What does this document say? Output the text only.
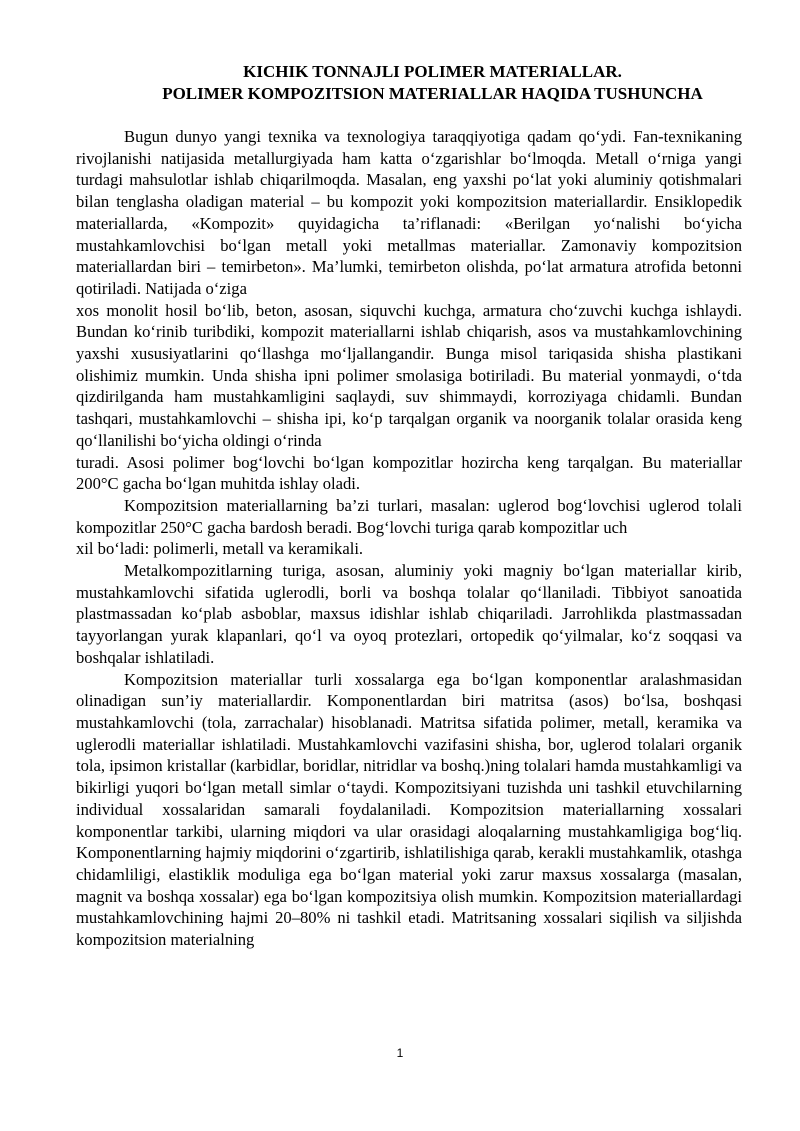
KICHIK TONNAJLI POLIMER MATERIALLAR.
POLIMER KOMPOZITSION MATERIALLAR HAQIDA TUSHUNCHA

Bugun dunyo yangi texnika va texnologiya taraqqiyotiga qadam qo‘ydi. Fan-texnikaning rivojlanishi natijasida metallurgiyada ham katta o‘zgarishlar bo‘lmoqda. Metall o‘rniga yangi turdagi mahsulotlar ishlab chiqarilmoqda. Masalan, eng yaxshi po‘lat yoki aluminiy qotishmalari bilan tenglasha oladigan material – bu kompozit yoki kompozitsion materiallardir. Ensiklopedik materiallarda, «Kompozit» quyidagicha ta’riflanadi: «Berilgan yo‘nalishi bo‘yicha mustahkamlovchisi bo‘lgan metall yoki metallmas materiallar. Zamonaviy kompozitsion materiallardan biri – temirbeton». Ma’lumki, temirbeton olishda, po‘lat armatura atrofida betonni qotiriladi. Natijada o‘ziga

xos monolit hosil bo‘lib, beton, asosan, siquvchi kuchga, armatura cho‘zuvchi kuchga ishlaydi. Bundan ko‘rinib turibdiki, kompozit materiallarni ishlab chiqarish, asos va mustahkamlovchining yaxshi xususiyatlarini qo‘llashga mo‘ljallangandir. Bunga misol tariqasida shisha plastikani olishimiz mumkin. Unda shisha ipni polimer smolasiga botiriladi. Bu material yonmaydi, o‘tda qizdirilganda ham mustahkamligini saqlaydi, suv shimmaydi, korroziyaga chidamli. Bundan tashqari, mustahkamlovchi – shisha ipi, ko‘p tarqalgan organik va noorganik tolalar orasida keng qo‘llanilishi bo‘yicha oldingi o‘rinda

turadi. Asosi polimer bog‘lovchi bo‘lgan kompozitlar hozircha keng tarqalgan. Bu materiallar 200°C gacha bo‘lgan muhitda ishlay oladi.

Kompozitsion materiallarning ba’zi turlari, masalan: uglerod bog‘lovchisi uglerod tolali kompozitlar 250°C gacha bardosh beradi. Bog‘lovchi turiga qarab kompozitlar uch

xil bo‘ladi: polimerli, metall va keramikali.

Metalkompozitlarning turiga, asosan, aluminiy yoki magniy bo‘lgan materiallar kirib, mustahkamlovchi sifatida uglerodli, borli va boshqa tolalar qo‘llaniladi. Tibbiyot sanoatida plastmassadan ko‘plab asboblar, maxsus idishlar ishlab chiqariladi. Jarrohlikda plastmassadan tayyorlangan yurak klapanlari, qo‘l va oyoq protezlari, ortopedik qo‘yilmalar, ko‘z soqqasi va boshqalar ishlatiladi.

Kompozitsion materiallar turli xossalarga ega bo‘lgan komponentlar aralashmasidan olinadigan sun’iy materiallardir. Komponentlardan biri matritsa (asos) bo‘lsa, boshqasi mustahkamlovchi (tola, zarrachalar) hisoblanadi. Matritsa sifatida polimer, metall, keramika va uglerodli materiallar ishlatiladi. Mustahkamlovchi vazifasini shisha, bor, uglerod tolalari organik tola, ipsimon kristallar (karbidlar, boridlar, nitridlar va boshq.)ning tolalari hamda mustahkamligi va bikirligi yuqori bo‘lgan metall simlar o‘taydi. Kompozitsiyani tuzishda uni tashkil etuvchilarning individual xossalaridan samarali foydalaniladi. Kompozitsion materiallarning xossalari komponentlar tarkibi, ularning miqdori va ular orasidagi aloqalarning mustahkamligiga bog‘liq. Komponentlarning hajmiy miqdorini o‘zgartirib, ishlatilishiga qarab, kerakli mustahkamlik, otashga chidamliligi, elastiklik moduliga ega bo‘lgan material yoki zarur maxsus xossalarga (masalan, magnit va boshqa xossalar) ega bo‘lgan kompozitsiya olish mumkin. Kompozitsion materiallardagi mustahkamlovchining hajmi 20–80% ni tashkil etadi. Matritsaning xossalari siqilish va siljishda kompozitsion materialning

1
